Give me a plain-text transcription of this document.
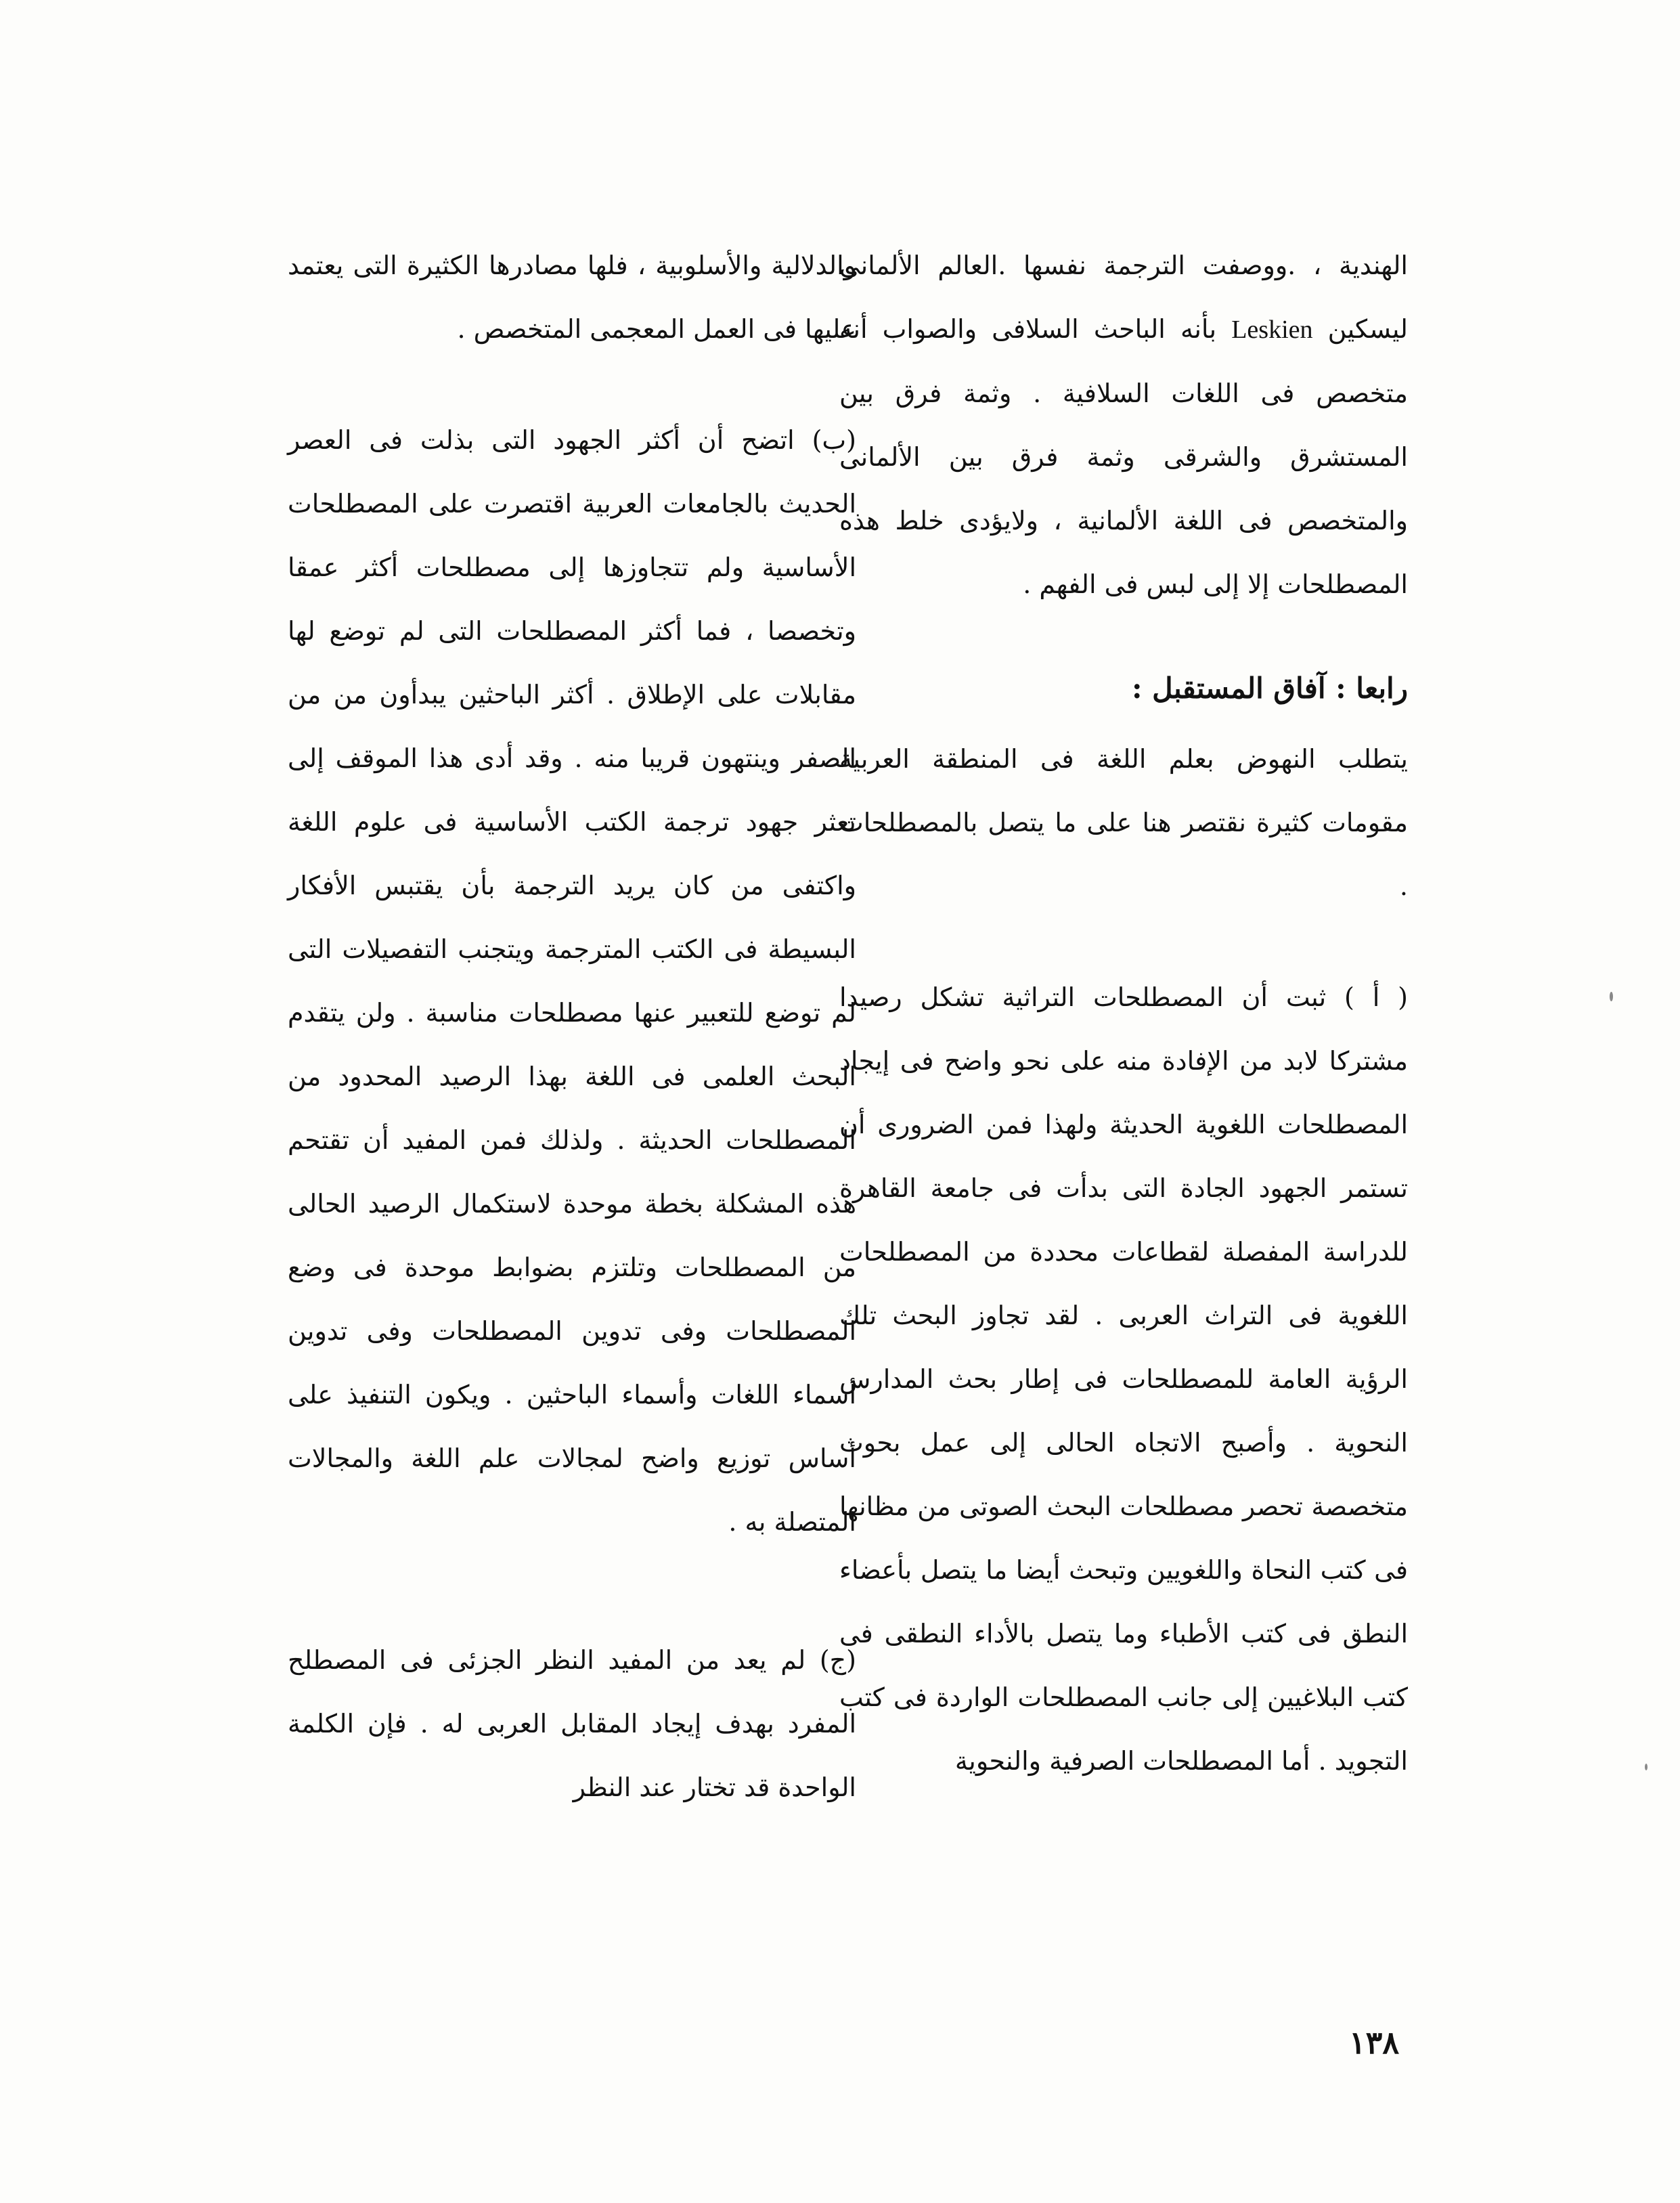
الهندية ، .ووصفت الترجمة نفسها .العالم الألمانى ليسكين Leskien بأنه الباحث السلافى والصواب أنه متخصص فى اللغات السلافية . وثمة فرق بين المستشرق والشرقى وثمة فرق بين الألمانى والمتخصص فى اللغة الألمانية ، ولايؤدى خلط هذه المصطلحات إلا إلى لبس فى الفهم .

رابعا : آفاق المستقبل :

يتطلب النهوض بعلم اللغة فى المنطقة العربية مقومات كثيرة نقتصر هنا على ما يتصل بالمصطلحات .

( أ ) ثبت أن المصطلحات التراثية تشكل رصيدا مشتركا لابد من الإفادة منه على نحو واضح فى إيجاد المصطلحات اللغوية الحديثة ولهذا فمن الضرورى أن تستمر الجهود الجادة التى بدأت فى جامعة القاهرة للدراسة المفصلة لقطاعات محددة من المصطلحات اللغوية فى التراث العربى . لقد تجاوز البحث تلك الرؤية العامة للمصطلحات فى إطار بحث المدارس النحوية . وأصبح الاتجاه الحالى إلى عمل بحوث متخصصة تحصر مصطلحات البحث الصوتى من مظانها فى كتب النحاة واللغويين وتبحث أيضا ما يتصل بأعضاء النطق فى كتب الأطباء وما يتصل بالأداء النطقى فى كتب البلاغيين إلى جانب المصطلحات الواردة فى كتب التجويد . أما المصطلحات الصرفية والنحوية

والدلالية والأسلوبية ، فلها مصادرها الكثيرة التى يعتمد عليها فى العمل المعجمى المتخصص .

(ب) اتضح أن أكثر الجهود التى بذلت فى العصر الحديث بالجامعات العربية اقتصرت على المصطلحات الأساسية ولم تتجاوزها إلى مصطلحات أكثر عمقا وتخصصا ، فما أكثر المصطلحات التى لم توضع لها مقابلات على الإطلاق . أكثر الباحثين يبدأون من من الصفر وينتهون قريبا منه . وقد أدى هذا الموقف إلى تعثر جهود ترجمة الكتب الأساسية فى علوم اللغة واكتفى من كان يريد الترجمة بأن يقتبس الأفكار البسيطة فى الكتب المترجمة ويتجنب التفصيلات التى لم توضع للتعبير عنها مصطلحات مناسبة . ولن يتقدم البحث العلمى فى اللغة بهذا الرصيد المحدود من المصطلحات الحديثة . ولذلك فمن المفيد أن تقتحم هذه المشكلة بخطة موحدة لاستكمال الرصيد الحالى من المصطلحات وتلتزم بضوابط موحدة فى وضع المصطلحات وفى تدوين المصطلحات وفى تدوين أسماء اللغات وأسماء الباحثين . ويكون التنفيذ على أساس توزيع واضح لمجالات علم اللغة والمجالات المتصلة به .

(ج) لم يعد من المفيد النظر الجزئى فى المصطلح المفرد بهدف إيجاد المقابل العربى له . فإن الكلمة الواحدة قد تختار عند النظر

١٣٨
